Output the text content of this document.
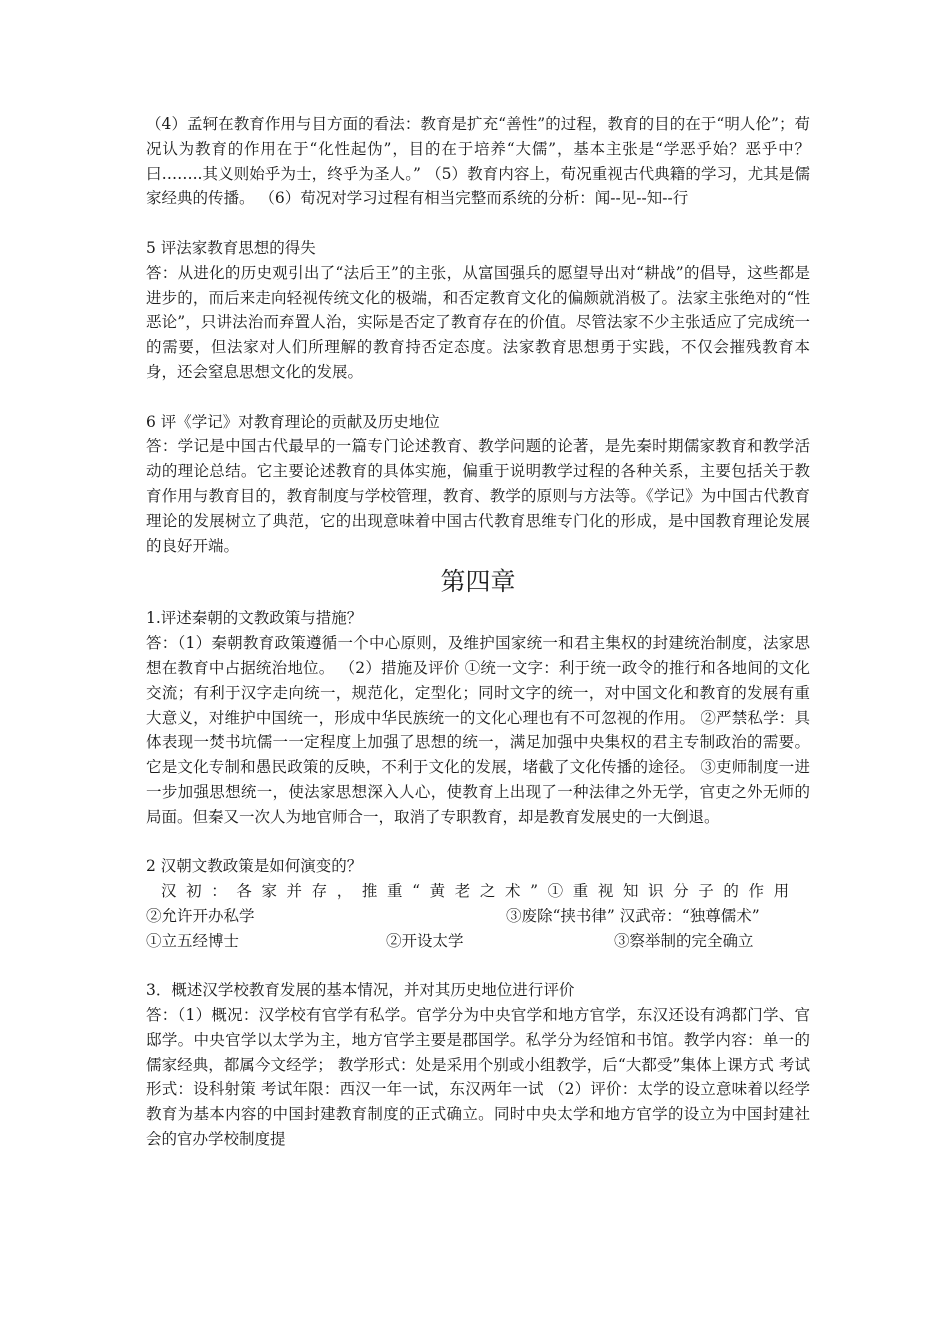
（4）孟轲在教育作用与目方面的看法：教育是扩充“善性”的过程，教育的目的在于“明人伦”；荀况认为教育的作用在于“化性起伪”，目的在于培养“大儒”，基本主张是“学恶乎始？恶乎中？曰……..其义则始乎为士，终乎为圣人。” （5）教育内容上，荀况重视古代典籍的学习，尤其是儒家经典的传播。 （6）荀况对学习过程有相当完整而系统的分析：闻--见--知--行

5 评法家教育思想的得失

答：从进化的历史观引出了“法后王”的主张，从富国强兵的愿望导出对“耕战”的倡导，这些都是进步的，而后来走向轻视传统文化的极端，和否定教育文化的偏颇就消极了。法家主张绝对的“性恶论”，只讲法治而弃置人治，实际是否定了教育存在的价值。尽管法家不少主张适应了完成统一的需要，但法家对人们所理解的教育持否定态度。法家教育思想勇于实践，不仅会摧残教育本身，还会窒息思想文化的发展。

6 评《学记》对教育理论的贡献及历史地位

答：学记是中国古代最早的一篇专门论述教育、教学问题的论著，是先秦时期儒家教育和教学活动的理论总结。它主要论述教育的具体实施，偏重于说明教学过程的各种关系，主要包括关于教育作用与教育目的，教育制度与学校管理，教育、教学的原则与方法等。《学记》为中国古代教育理论的发展树立了典范，它的出现意味着中国古代教育思维专门化的形成，是中国教育理论发展的良好开端。

第四章

1.评述秦朝的文教政策与措施？

答：（1）秦朝教育政策遵循一个中心原则，及维护国家统一和君主集权的封建统治制度，法家思想在教育中占据统治地位。 （2）措施及评价 ①统一文字：利于统一政令的推行和各地间的文化交流；有利于汉字走向统一，规范化，定型化；同时文字的统一，对中国文化和教育的发展有重大意义，对维护中国统一，形成中华民族统一的文化心理也有不可忽视的作用。 ②严禁私学：具体表现一焚书坑儒一一定程度上加强了思想的统一，满足加强中央集权的君主专制政治的需要。它是文化专制和愚民政策的反映，不利于文化的发展，堵截了文化传播的途径。 ③吏师制度一进一步加强思想统一，使法家思想深入人心，使教育上出现了一种法律之外无学，官吏之外无师的局面。但秦又一次人为地官师合一，取消了专职教育，却是教育发展史的一大倒退。

2 汉朝文教政策是如何演变的？

汉初：各家并存，推重“黄老之术”①重视知识分子的作用
②允许开办私学	③废除“挟书律” 汉武帝：“独尊儒术”
①立五经博士	②开设太学	③察举制的完全确立

3．概述汉学校教育发展的基本情况，并对其历史地位进行评价

答：（1）概况：汉学校有官学有私学。官学分为中央官学和地方官学，东汉还设有鸿都门学、官邸学。中央官学以太学为主，地方官学主要是郡国学。私学分为经馆和书馆。教学内容：单一的儒家经典，都属今文经学； 教学形式：处是采用个别或小组教学，后“大都受”集体上课方式 考试形式：设科射策 考试年限：西汉一年一试，东汉两年一试 （2）评价：太学的设立意味着以经学教育为基本内容的中国封建教育制度的正式确立。同时中央太学和地方官学的设立为中国封建社会的官办学校制度提
